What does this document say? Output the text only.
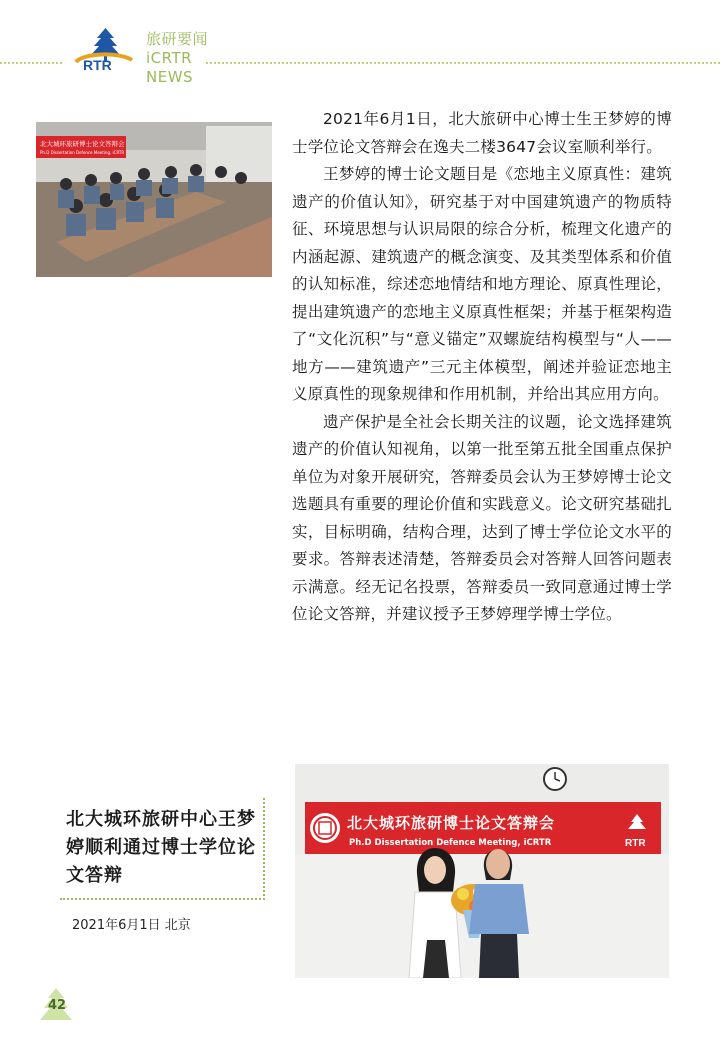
RTR
旅研要闻
iCRTR
NEWS
北大城环旅研博士论文答辩会
Ph.D Dissertation Defence Meeting, iCRTR

2021年6月1日，北大旅研中心博士生王梦婷的博士学位论文答辩会在逸夫二楼3647会议室顺利举行。

王梦婷的博士论文题目是《恋地主义原真性：建筑遗产的价值认知》，研究基于对中国建筑遗产的物质特征、环境思想与认识局限的综合分析，梳理文化遗产的内涵起源、建筑遗产的概念演变、及其类型体系和价值的认知标准，综述恋地情结和地方理论、原真性理论，提出建筑遗产的恋地主义原真性框架；并基于框架构造了“文化沉积”与“意义锚定”双螺旋结构模型与“人——地方——建筑遗产”三元主体模型，阐述并验证恋地主义原真性的现象规律和作用机制，并给出其应用方向。

遗产保护是全社会长期关注的议题，论文选择建筑遗产的价值认知视角，以第一批至第五批全国重点保护单位为对象开展研究，答辩委员会认为王梦婷博士论文选题具有重要的理论价值和实践意义。论文研究基础扎实，目标明确，结构合理，达到了博士学位论文水平的要求。答辩表述清楚，答辩委员会对答辩人回答问题表示满意。经无记名投票，答辩委员一致同意通过博士学位论文答辩，并建议授予王梦婷理学博士学位。

北大城环旅研中心王梦婷顺利通过博士学位论文答辩
2021年6月1日 北京
北大城环旅研博士论文答辩会
Ph.D Dissertation Defence Meeting, iCRTR	RTR
42
